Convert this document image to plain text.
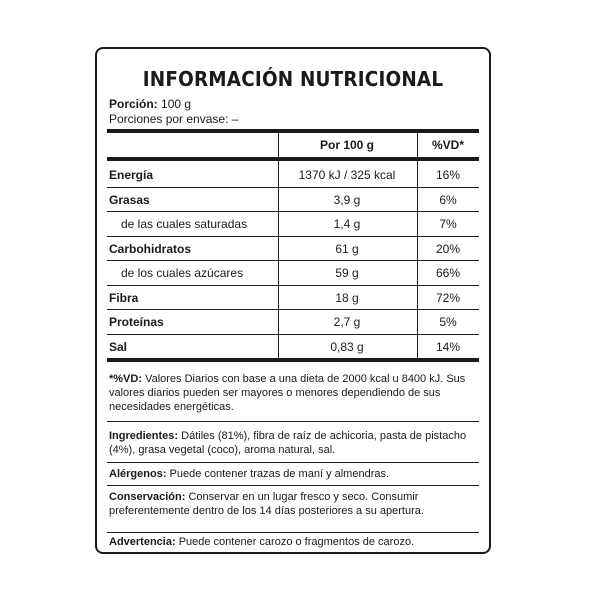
INFORMACIÓN NUTRICIONAL
Porción: 100 g
Porciones por envase: –
Por 100 g	%VD*
Energía	1370 kJ / 325 kcal	16%
Grasas	3,9 g	6%
de las cuales saturadas	1,4 g	7%
Carbohidratos	61 g	20%
de los cuales azúcares	59 g	66%
Fibra	18 g	72%
Proteínas	2,7 g	5%
Sal	0,83 g	14%
*%VD: Valores Diarios con base a una dieta de 2000 kcal u 8400 kJ. Sus valores diarios pueden ser mayores o menores dependiendo de sus necesidades energéticas.
Ingredientes: Dátiles (81%), fibra de raíz de achicoria, pasta de pistacho (4%), grasa vegetal (coco), aroma natural, sal.
Alérgenos: Puede contener trazas de maní y almendras.
Conservación: Conservar en un lugar fresco y seco. Consumir preferentemente dentro de los 14 días posteriores a su apertura.
Advertencia: Puede contener carozo o fragmentos de carozo.
